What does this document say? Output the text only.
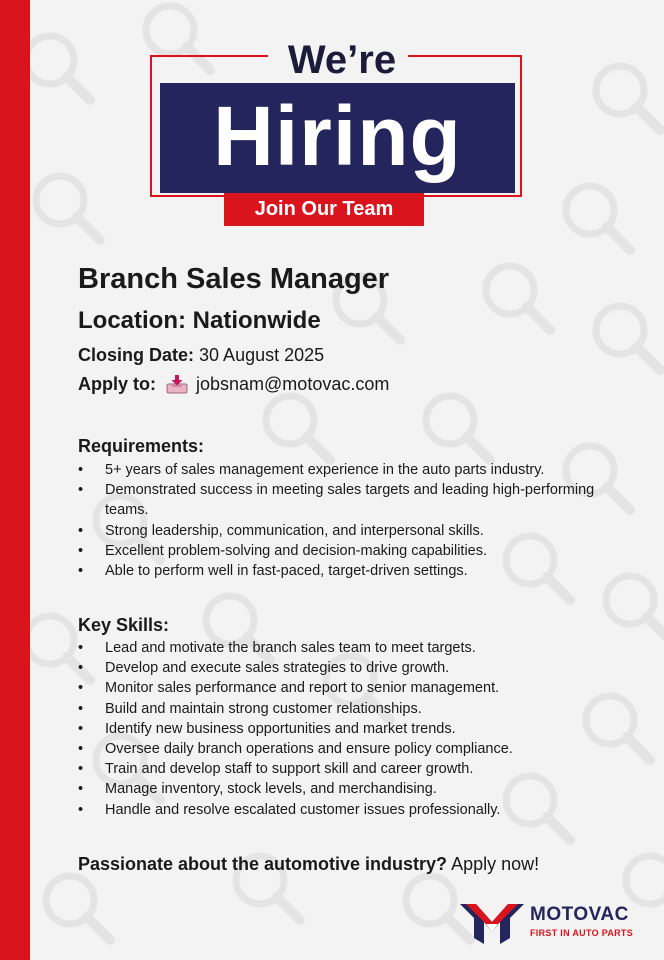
We’re
Hiring
Join Our Team
Branch Sales Manager
Location: Nationwide
Closing Date: 30 August 2025
Apply to: jobsnam@motovac.com
Requirements:
• 5+ years of sales management experience in the auto parts industry.
• Demonstrated success in meeting sales targets and leading high-performing teams.
• Strong leadership, communication, and interpersonal skills.
• Excellent problem-solving and decision-making capabilities.
• Able to perform well in fast-paced, target-driven settings.
Key Skills:
• Lead and motivate the branch sales team to meet targets.
• Develop and execute sales strategies to drive growth.
• Monitor sales performance and report to senior management.
• Build and maintain strong customer relationships.
• Identify new business opportunities and market trends.
• Oversee daily branch operations and ensure policy compliance.
• Train and develop staff to support skill and career growth.
• Manage inventory, stock levels, and merchandising.
• Handle and resolve escalated customer issues professionally.
Passionate about the automotive industry? Apply now!
MOTOVAC
FIRST IN AUTO PARTS
